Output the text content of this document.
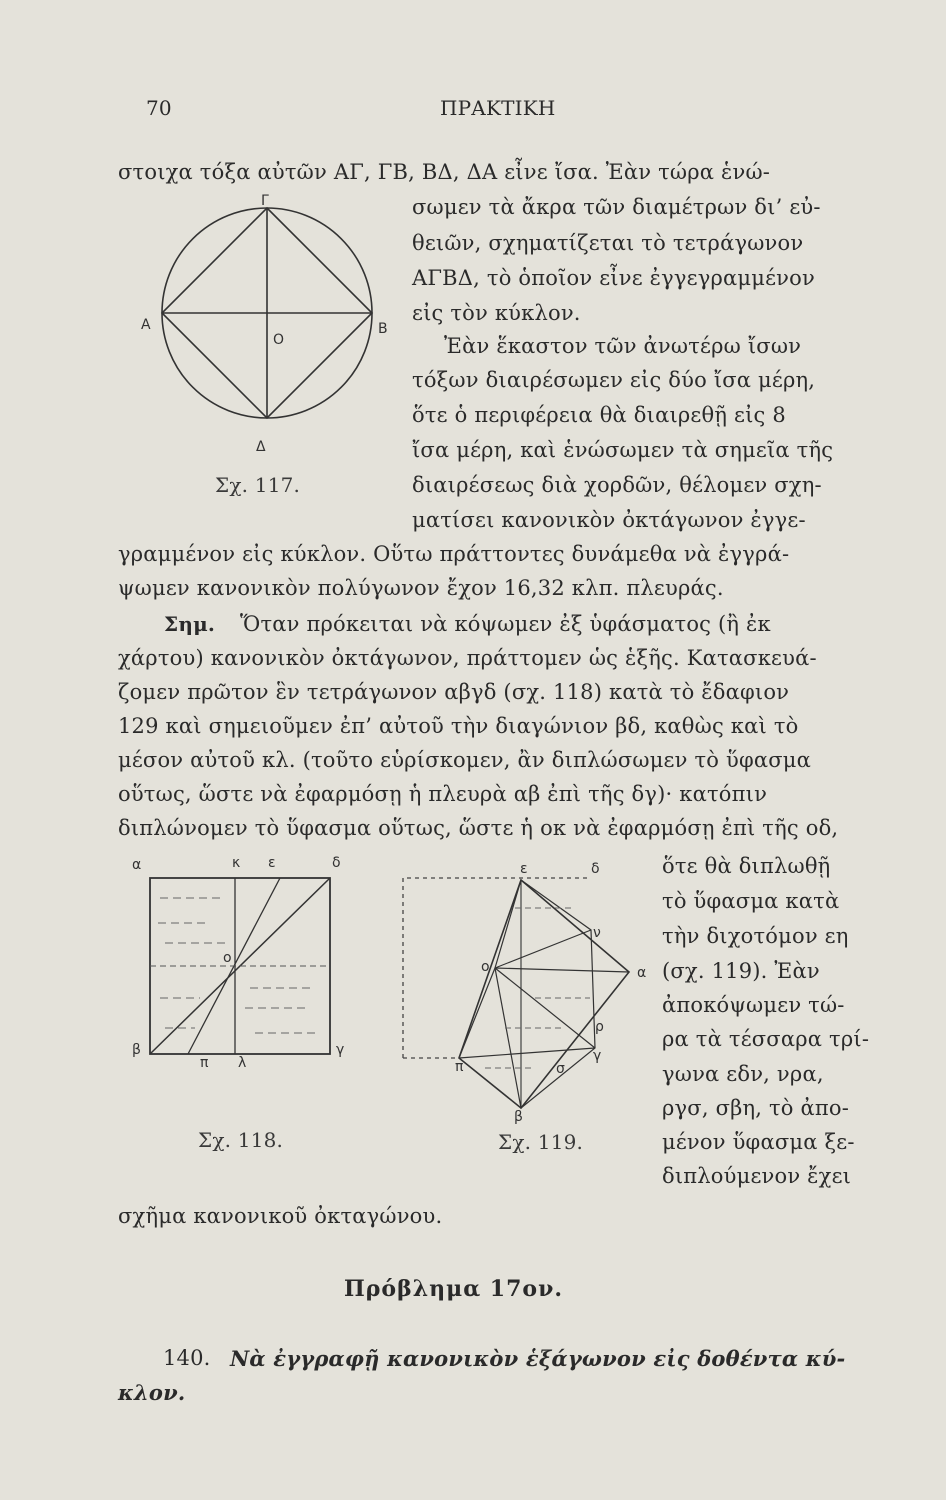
70	ΠΡΑΚΤΙΚΗ
στοιχα τόξα αὐτῶν ΑΓ, ΓΒ, ΒΔ, ΔΑ εἶνε ἴσα. Ἐὰν τώρα ἑνώ-
Γ
Α	Β
Ο
Δ
Σχ. 117.
σωμεν τὰ ἄκρα τῶν διαμέτρων δι’ εὐ-
θειῶν, σχηματίζεται τὸ τετράγωνον
ΑΓΒΔ, τὸ ὁποῖον εἶνε ἐγγεγραμμένον
εἰς τὸν κύκλον.
Ἐὰν ἕκαστον τῶν ἀνωτέρω ἴσων
τόξων διαιρέσωμεν εἰς δύο ἴσα μέρη,
ὅτε ὁ περιφέρεια θὰ διαιρεθῇ εἰς 8
ἴσα μέρη, καὶ ἑνώσωμεν τὰ σημεῖα τῆς
διαιρέσεως διὰ χορδῶν, θέλομεν σχη-
ματίσει κανονικὸν ὀκτάγωνον ἐγγε-
γραμμένον εἰς κύκλον. Οὕτω πράττοντες δυνάμεθα νὰ ἐγγρά-
ψωμεν κανονικὸν πολύγωνον ἔχον 16,32 κλπ. πλευράς.
Σημ. Ὅταν πρόκειται νὰ κόψωμεν ἐξ ὑφάσματος (ἢ ἐκ
χάρτου) κανονικὸν ὀκτάγωνον, πράττομεν ὡς ἑξῆς. Κατασκευά-
ζομεν πρῶτον ἓν τετράγωνον αβγδ (σχ. 118) κατὰ τὸ ἔδαφιον
129 καὶ σημειοῦμεν ἐπ’ αὐτοῦ τὴν διαγώνιον βδ, καθὼς καὶ τὸ
μέσον αὐτοῦ κλ. (τοῦτο εὑρίσκομεν, ἂν διπλώσωμεν τὸ ὕφασμα
οὕτως, ὥστε νὰ ἐφαρμόσῃ ἡ πλευρὰ αβ ἐπὶ τῆς δγ)· κατόπιν
διπλώνομεν τὸ ὕφασμα οὕτως, ὥστε ἡ οκ νὰ ἐφαρμόσῃ ἐπὶ τῆς οδ,
α	κ ε	δ
ο
β
π λ
γ
Σχ. 118.
ε	δ
ν
ο	α
ρ
γ
σ
π
β
Σχ. 119.
ὅτε θὰ διπλωθῇ
τὸ ὕφασμα κατὰ
τὴν διχοτόμον εη
(σχ. 119). Ἐὰν
ἀποκόψωμεν τώ-
ρα τὰ τέσσαρα τρί-
γωνα εδν, νρα,
ργσ, σβη, τὸ ἀπο-
μένον ὕφασμα ξε-
διπλούμενον ἔχει
σχῆμα κανονικοῦ ὀκταγώνου.
Πρόβλημα 17ον.
140. Νὰ ἐγγραφῇ κανονικὸν ἑξάγωνον εἰς δοθέντα κύ-
κλον.
